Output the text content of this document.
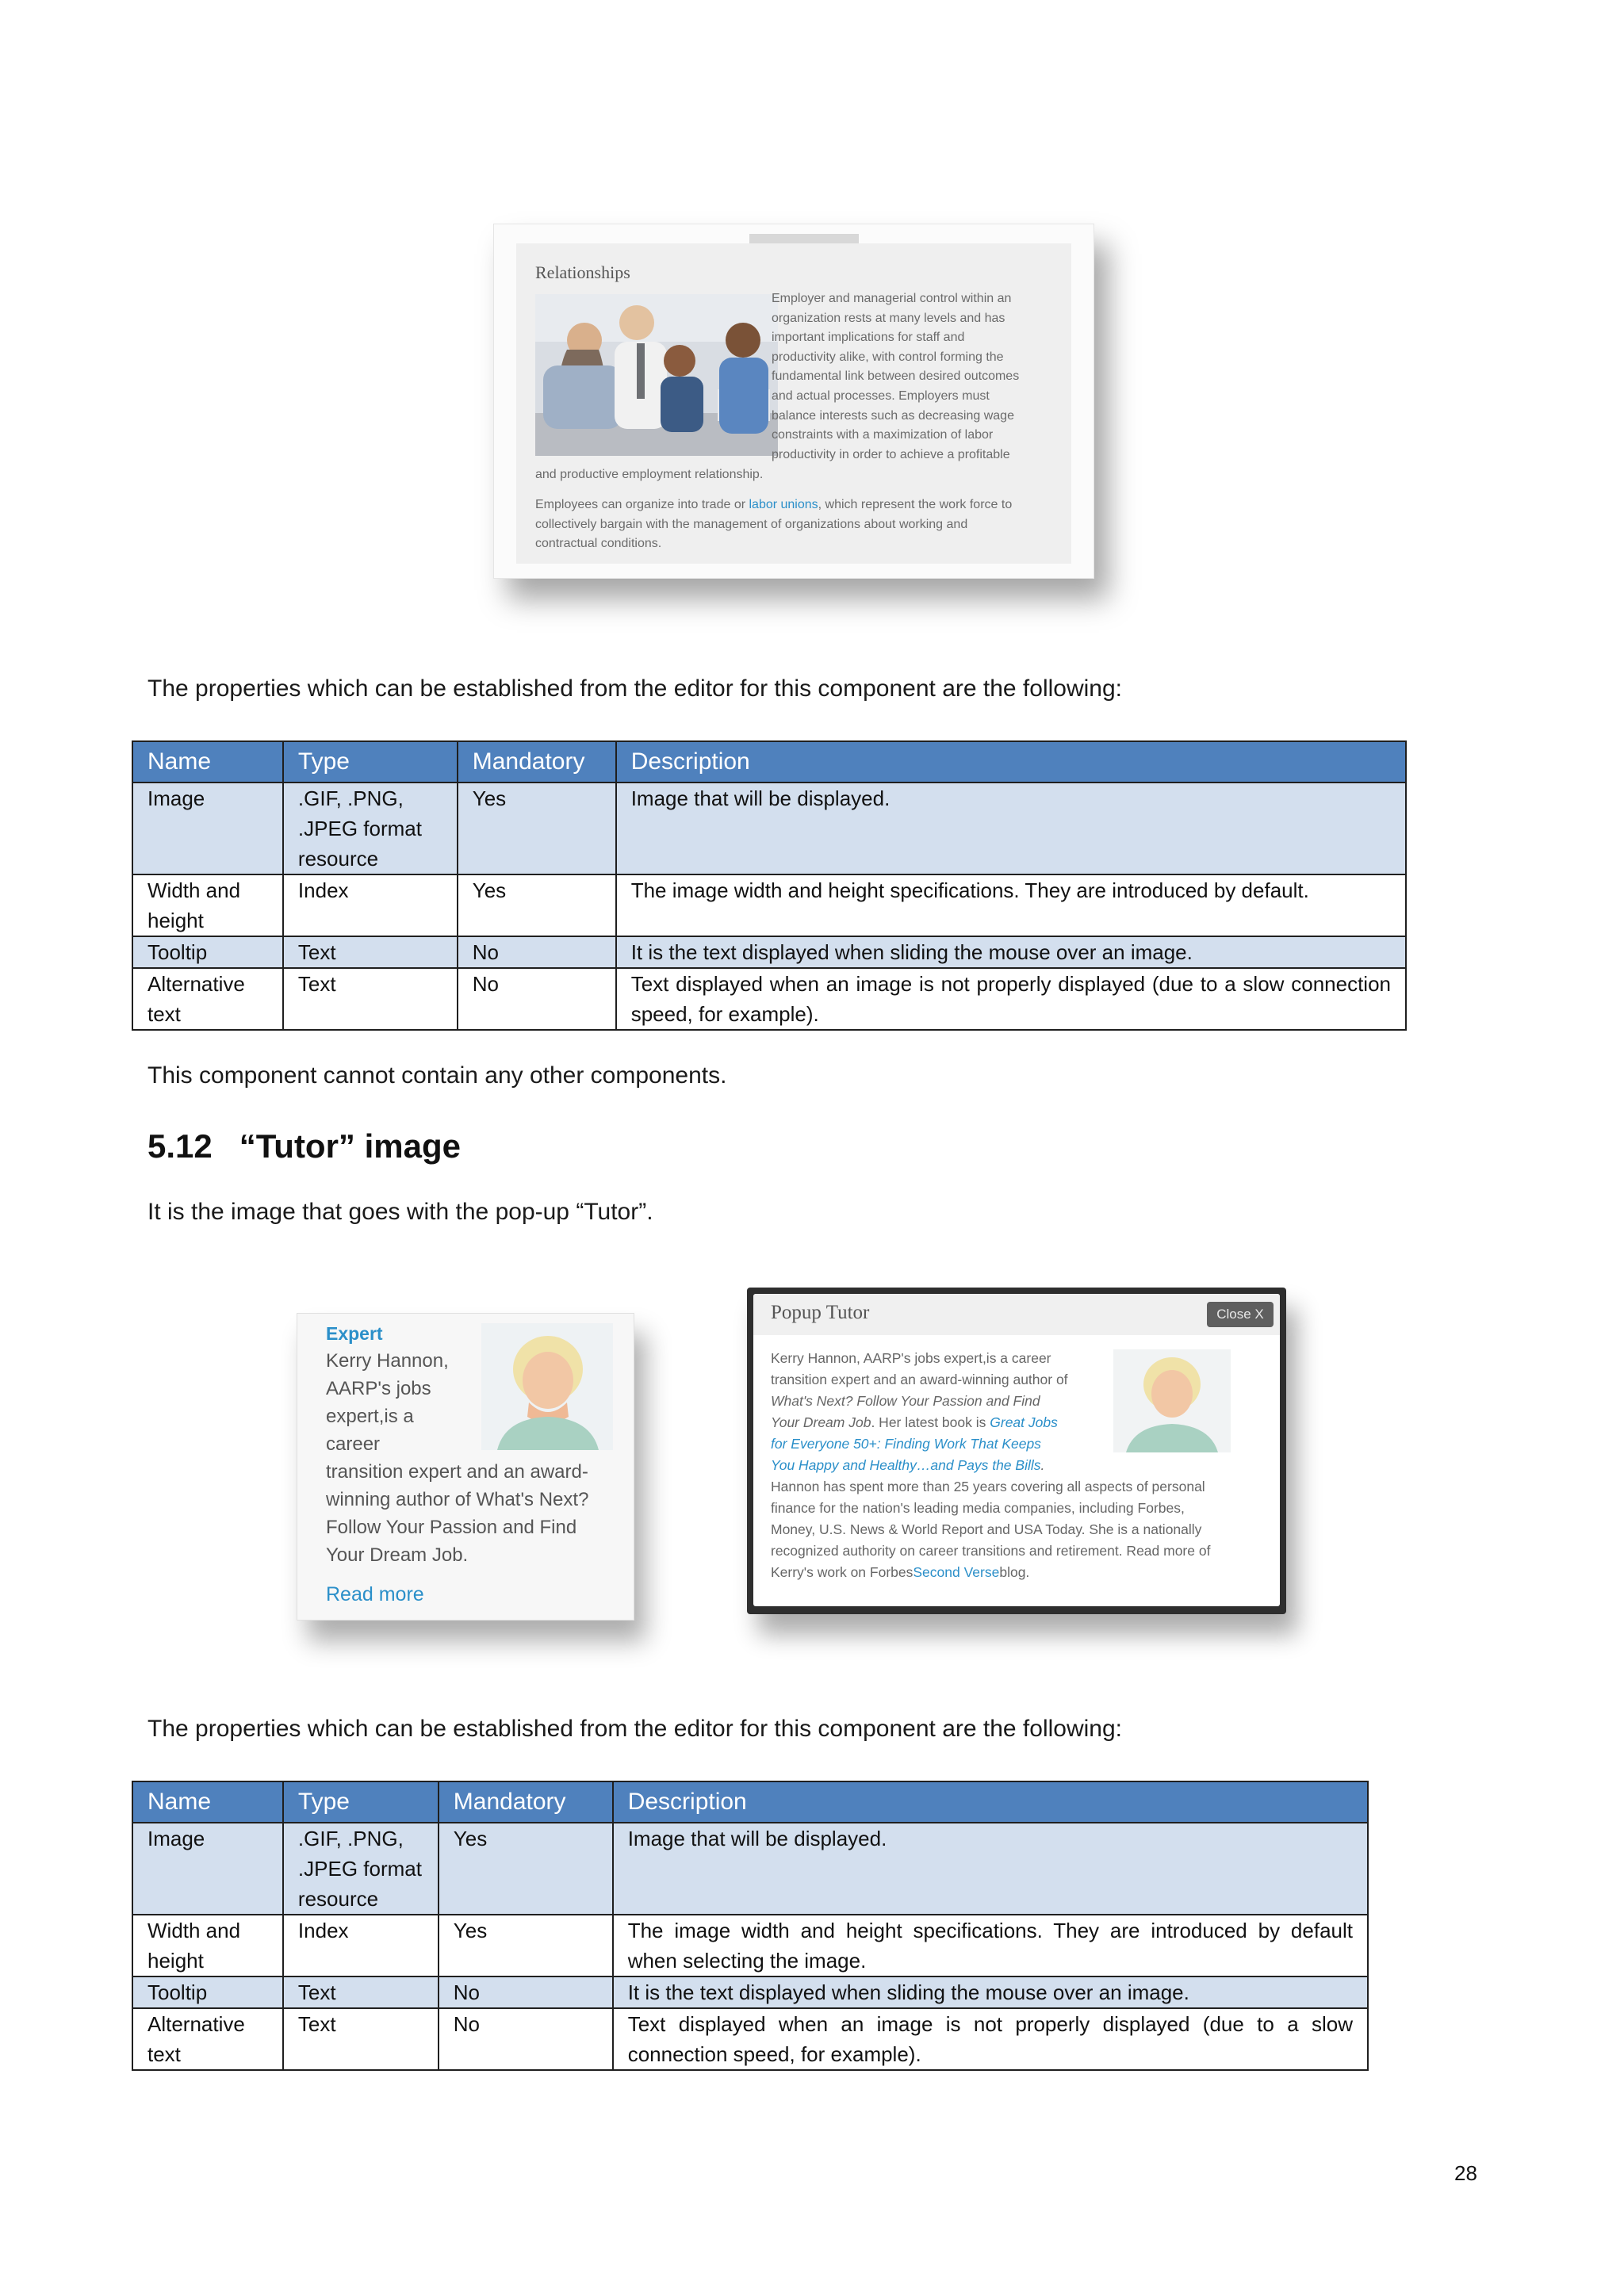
Relationships
Employer and managerial control within an
organization rests at many levels and has
important implications for staff and
productivity alike, with control forming the
fundamental link between desired outcomes
and actual processes. Employers must
balance interests such as decreasing wage
constraints with a maximization of labor
productivity in order to achieve a profitable
and productive employment relationship.
Employees can organize into trade or labor unions, which represent the work force to
collectively bargain with the management of organizations about working and
contractual conditions.
The properties which can be established from the editor for this component are the following:
Name	Type	Mandatory	Description

Image	.GIF, .PNG,
.JPEG format
resource	Yes	Image that will be displayed.

Width and
height	Index	Yes	The image width and height specifications. They are introduced by default.

Tooltip	Text	No	It is the text displayed when sliding the mouse over an image.

Alternative
text	Text	No	Text displayed when an image is not properly displayed (due to a slow connection speed, for example).
This component cannot contain any other components.
5.12 “Tutor” image
It is the image that goes with the pop-up “Tutor”.
Expert
Kerry Hannon,
AARP's jobs
expert,is a
career
transition expert and an award-
winning author of What's Next?
Follow Your Passion and Find
Your Dream Job.
Read more
Popup Tutor	Close X
Kerry Hannon, AARP's jobs expert,is a career
transition expert and an award-winning author of
What's Next? Follow Your Passion and Find
Your Dream Job. Her latest book is Great Jobs
for Everyone 50+: Finding Work That Keeps
You Happy and Healthy…and Pays the Bills.
Hannon has spent more than 25 years covering all aspects of personal
finance for the nation's leading media companies, including Forbes,
Money, U.S. News & World Report and USA Today. She is a nationally
recognized authority on career transitions and retirement. Read more of
Kerry's work on ForbesSecond Verseblog.
The properties which can be established from the editor for this component are the following:
Name	Type	Mandatory	Description

Image	.GIF, .PNG,
.JPEG format
resource	Yes	Image that will be displayed.

Width and
height	Index	Yes	The image width and height specifications. They are introduced by default when selecting the image.

Tooltip	Text	No	It is the text displayed when sliding the mouse over an image.

Alternative
text	Text	No	Text displayed when an image is not properly displayed (due to a slow connection speed, for example).
28
